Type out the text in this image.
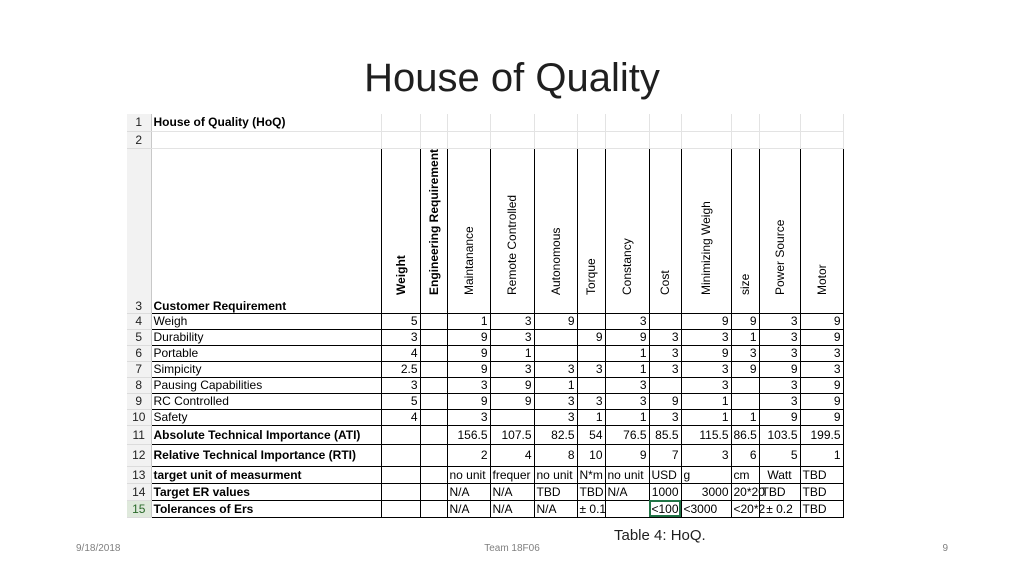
House of Quality
1	House of Quality (HoQ)												
2													
3	Customer Requirement	Weight	Engineering Requirement	Maintanance	Remote Controlled	Autonomous	Torque	Constancy	Cost	Minimizing Weigh	size	Power Source	Motor

4	Weigh	5		1	3	9		3		9	9	3	9
5	Durability	3		9	3		9	9	3	3	1	3	9
6	Portable	4		9	1			1	3	9	3	3	3
7	Simpicity	2.5		9	3	3	3	1	3	3	9	9	3
8	Pausing Capabilities	3		3	9	1		3		3		3	9
9	RC Controlled	5		9	9	3	3	3	9	1		3	9
10	Safety	4		3		3	1	1	3	1	1	9	9
11	Absolute Technical Importance (ATI)			156.5	107.5	82.5	54	76.5	85.5	115.5	86.5	103.5	199.5
12	Relative Technical Importance (RTI)			2	4	8	10	9	7	3	6	5	1
13	target unit of measurment			no unit	frequer	no unit	N*m	no unit	USD	g	cm	Watt	TBD
14	Target ER values			N/A	N/A	TBD	TBD	N/A	1000	3000	20*20	TBD	TBD
15	Tolerances of Ers			N/A	N/A	N/A	± 0.1		<100	<3000	<20*2	± 0.2	TBD
Table 4: HoQ.
9/18/2018	Team 18F06	9
